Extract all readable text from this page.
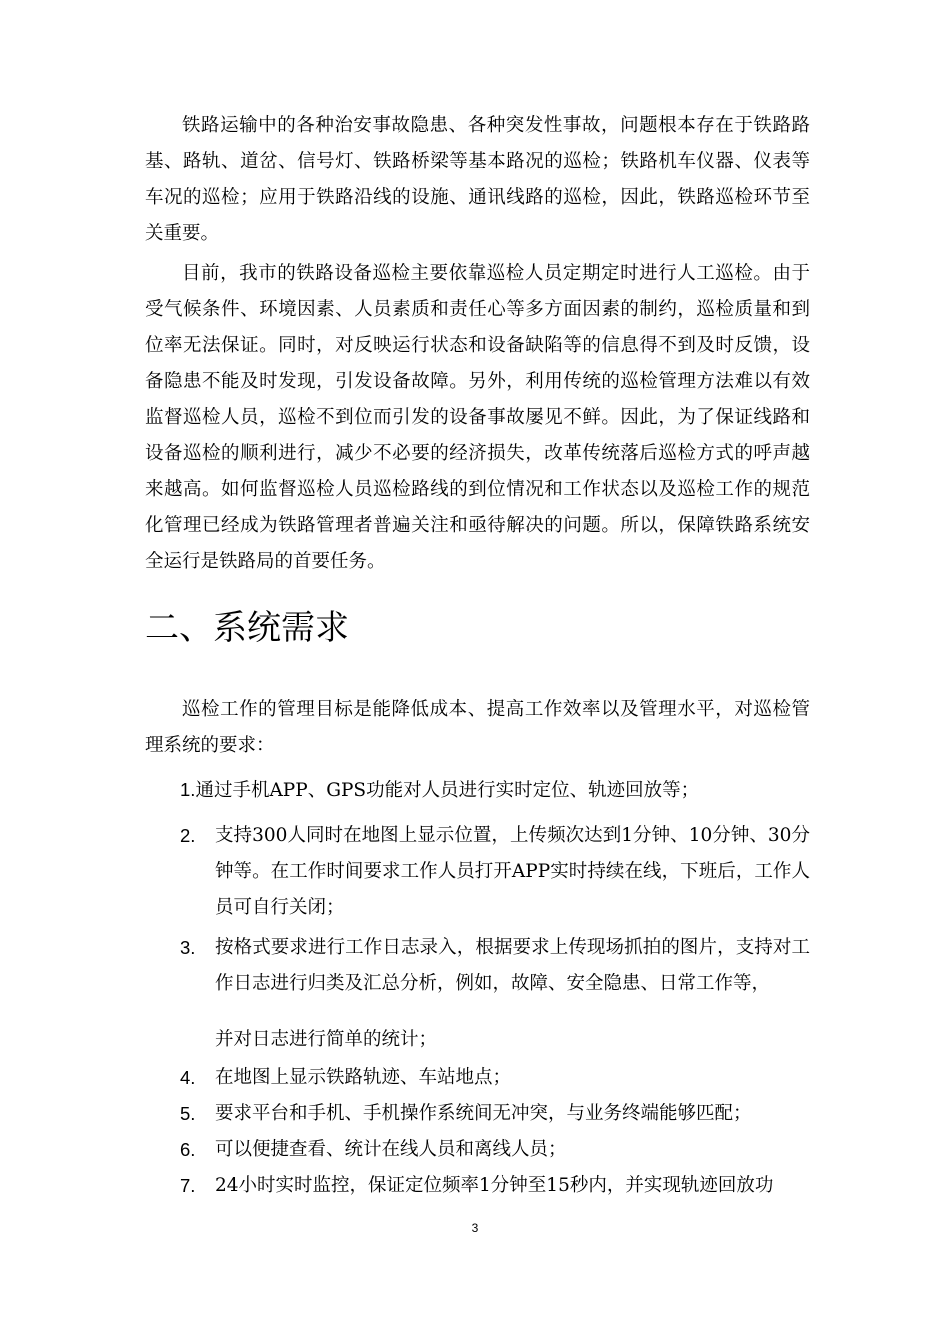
铁路运输中的各种治安事故隐患、各种突发性事故，问题根本存在于铁路路基、路轨、道岔、信号灯、铁路桥梁等基本路况的巡检；铁路机车仪器、仪表等车况的巡检；应用于铁路沿线的设施、通讯线路的巡检，因此，铁路巡检环节至关重要。

目前，我市的铁路设备巡检主要依靠巡检人员定期定时进行人工巡检。由于受气候条件、环境因素、人员素质和责任心等多方面因素的制约，巡检质量和到位率无法保证。同时，对反映运行状态和设备缺陷等的信息得不到及时反馈，设备隐患不能及时发现，引发设备故障。另外，利用传统的巡检管理方法难以有效监督巡检人员，巡检不到位而引发的设备事故屡见不鲜。因此，为了保证线路和设备巡检的顺利进行，减少不必要的经济损失，改革传统落后巡检方式的呼声越来越高。如何监督巡检人员巡检路线的到位情况和工作状态以及巡检工作的规范化管理已经成为铁路管理者普遍关注和亟待解决的问题。所以，保障铁路系统安全运行是铁路局的首要任务。

二、系统需求

巡检工作的管理目标是能降低成本、提高工作效率以及管理水平，对巡检管理系统的要求：

1.通过手机APP、GPS功能对人员进行实时定位、轨迹回放等；
2.	支持300人同时在地图上显示位置，上传频次达到1分钟、10分钟、30分钟等。在工作时间要求工作人员打开APP实时持续在线，下班后，工作人员可自行关闭；
3.	按格式要求进行工作日志录入，根据要求上传现场抓拍的图片，支持对工作日志进行归类及汇总分析，例如，故障、安全隐患、日常工作等，
并对日志进行简单的统计；
4.	在地图上显示铁路轨迹、车站地点；
5.	要求平台和手机、手机操作系统间无冲突，与业务终端能够匹配；
6.	可以便捷查看、统计在线人员和离线人员；
7.	24小时实时监控，保证定位频率1分钟至15秒内，并实现轨迹回放功
3
